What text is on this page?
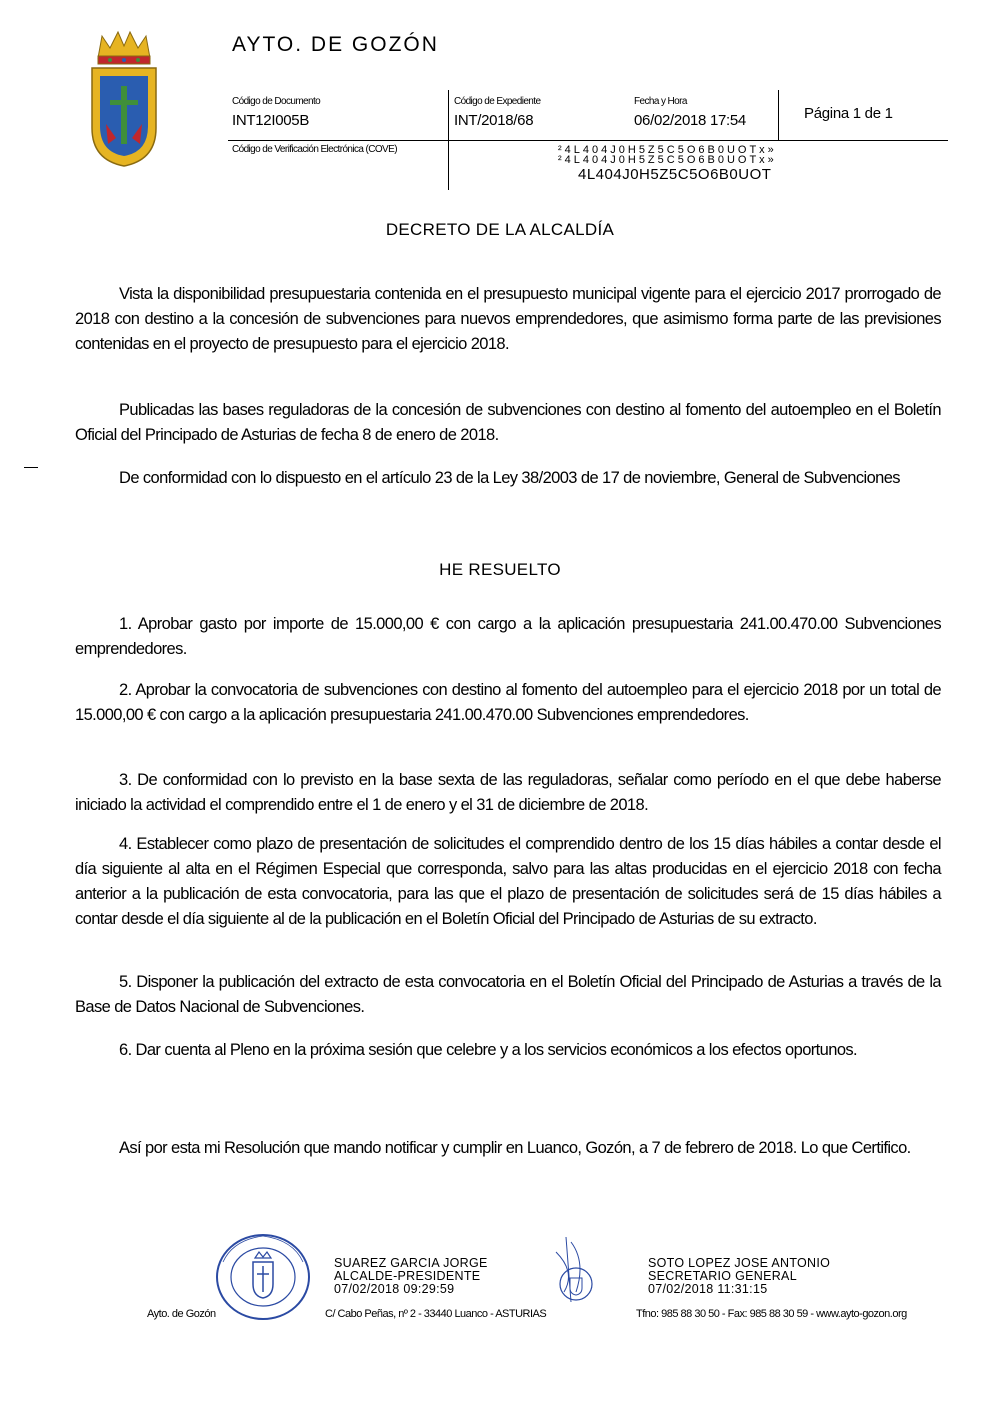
AYTO. DE GOZÓN
Código de Documento
INT12I005B
Código de Expediente
INT/2018/68
Fecha y Hora
06/02/2018 17:54	Página 1 de 1
Código de Verificación Electrónica (COVE)	²4L404J0H5Z5C5O6B0UOTx»
²4L404J0H5Z5C5O6B0UOTx»
4L404J0H5Z5C5O6B0UOT
DECRETO DE LA ALCALDÍA
Vista la disponibilidad presupuestaria contenida en el presupuesto municipal vigente para el ejercicio 2017 prorrogado de 2018 con destino a la concesión de subvenciones para nuevos emprendedores, que asimismo forma parte de las previsiones contenidas en el proyecto de presupuesto para el ejercicio 2018.
Publicadas las bases reguladoras de la concesión de subvenciones con destino al fomento del autoempleo en el Boletín Oficial del Principado de Asturias de fecha 8 de enero de 2018.
De conformidad con lo dispuesto en el artículo 23 de la Ley 38/2003 de 17 de noviembre, General de Subvenciones
HE RESUELTO
1. Aprobar gasto por importe de 15.000,00 € con cargo a la aplicación presupuestaria 241.00.470.00 Subvenciones emprendedores.
2. Aprobar la convocatoria de subvenciones con destino al fomento del autoempleo para el ejercicio 2018 por un total de 15.000,00 € con cargo a la aplicación presupuestaria 241.00.470.00 Subvenciones emprendedores.
3. De conformidad con lo previsto en la base sexta de las reguladoras, señalar como período en el que debe haberse iniciado la actividad el comprendido entre el 1 de enero y el 31 de diciembre de 2018.
4. Establecer como plazo de presentación de solicitudes el comprendido dentro de los 15 días hábiles a contar desde el día siguiente al alta en el Régimen Especial que corresponda, salvo para las altas producidas en el ejercicio 2018 con fecha anterior a la publicación de esta convocatoria, para las que el plazo de presentación de solicitudes será de 15 días hábiles a contar desde el día siguiente al de la publicación en el Boletín Oficial del Principado de Asturias de su extracto.
5. Disponer la publicación del extracto de esta convocatoria en el Boletín Oficial del Principado de Asturias a través de la Base de Datos Nacional de Subvenciones.
6. Dar cuenta al Pleno en la próxima sesión que celebre y a los servicios económicos a los efectos oportunos.
Así por esta mi Resolución que mando notificar y cumplir en Luanco, Gozón, a 7 de febrero de 2018. Lo que Certifico.
SUAREZ GARCIA JORGE
ALCALDE-PRESIDENTE
07/02/2018 09:29:59
SOTO LOPEZ JOSE ANTONIO
SECRETARIO GENERAL
07/02/2018 11:31:15
Ayto. de Gozón	C/ Cabo Peñas, nº 2 - 33440 Luanco - ASTURIAS	Tfno: 985 88 30 50 - Fax: 985 88 30 59 - www.ayto-gozon.org
